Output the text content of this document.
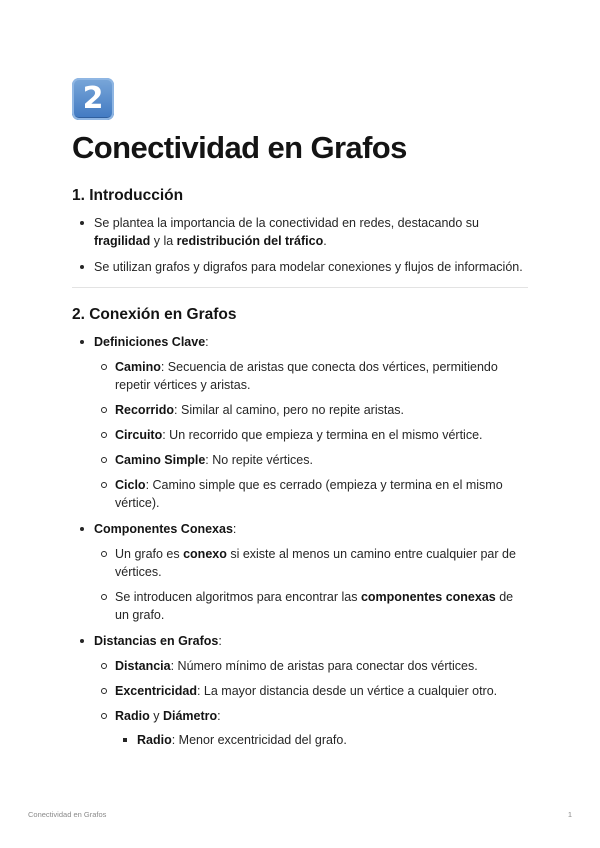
2
Conectividad en Grafos
1. Introducción
Se plantea la importancia de la conectividad en redes, destacando su fragilidad y la redistribución del tráfico.
Se utilizan grafos y digrafos para modelar conexiones y flujos de información.
2. Conexión en Grafos
Definiciones Clave:
Camino: Secuencia de aristas que conecta dos vértices, permitiendo repetir vértices y aristas.
Recorrido: Similar al camino, pero no repite aristas.
Circuito: Un recorrido que empieza y termina en el mismo vértice.
Camino Simple: No repite vértices.
Ciclo: Camino simple que es cerrado (empieza y termina en el mismo vértice).
Componentes Conexas:
Un grafo es conexo si existe al menos un camino entre cualquier par de vértices.
Se introducen algoritmos para encontrar las componentes conexas de un grafo.
Distancias en Grafos:
Distancia: Número mínimo de aristas para conectar dos vértices.
Excentricidad: La mayor distancia desde un vértice a cualquier otro.
Radio y Diámetro:
Radio: Menor excentricidad del grafo.
Conectividad en Grafos	1
